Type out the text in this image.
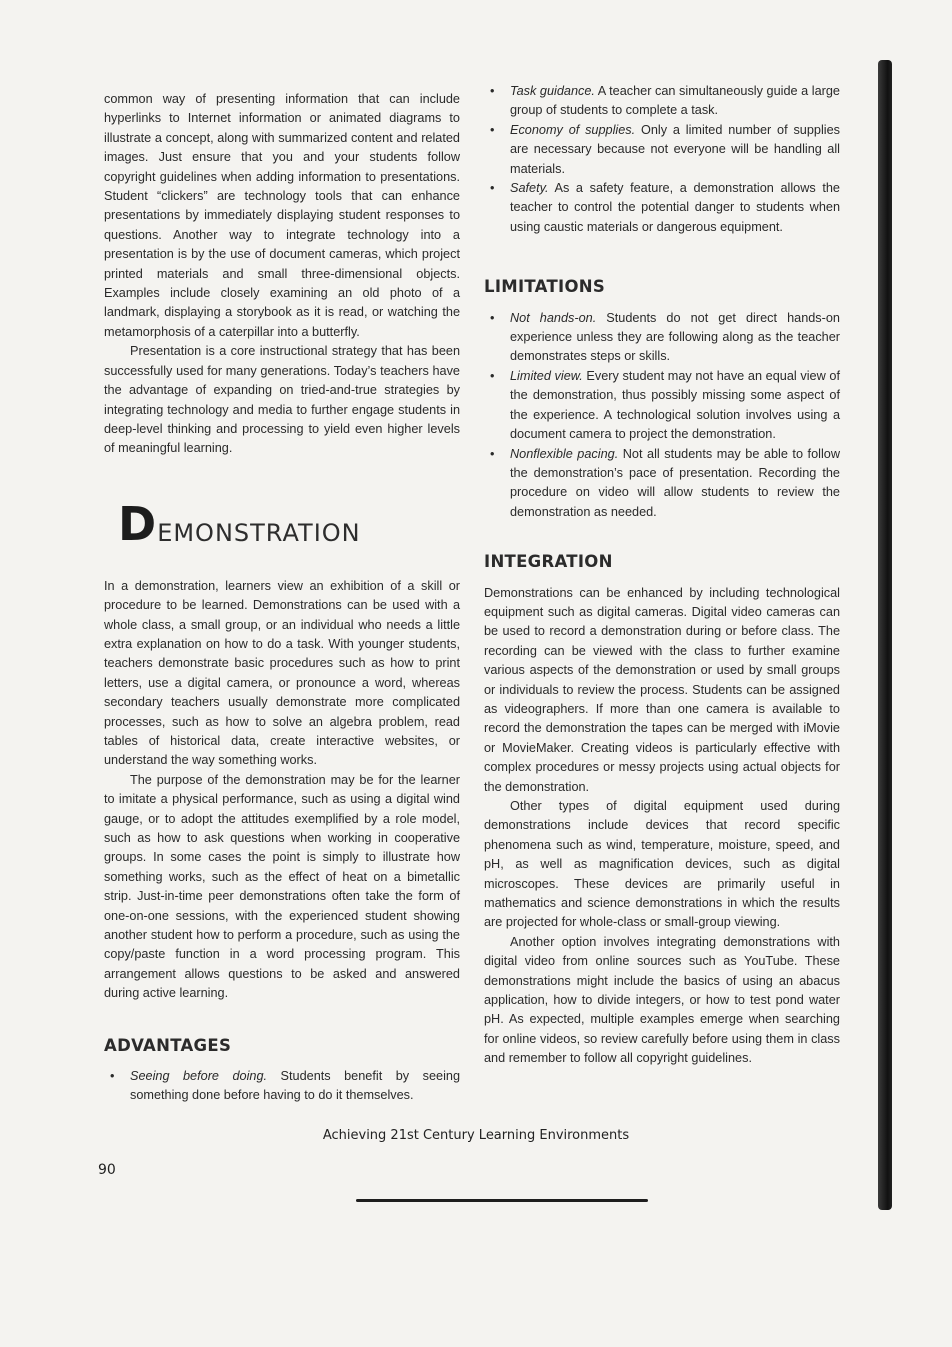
common way of presenting information that can include hyperlinks to Internet information or animated diagrams to illustrate a concept, along with summarized content and related images. Just ensure that you and your students follow copyright guidelines when adding information to presentations. Student “clickers” are technology tools that can enhance presentations by immediately displaying student responses to questions. Another way to integrate technology into a presentation is by the use of document cameras, which project printed materials and small three-dimensional objects. Examples include closely examining an old photo of a landmark, displaying a storybook as it is read, or watching the metamorphosis of a caterpillar into a butterfly.

Presentation is a core instructional strategy that has been successfully used for many generations. Today’s teachers have the advantage of expanding on tried-and-true strategies by integrating technology and media to further engage students in deep-level thinking and processing to yield even higher levels of meaningful learning.

D EMONSTRATION

In a demonstration, learners view an exhibition of a skill or procedure to be learned. Demonstrations can be used with a whole class, a small group, or an individual who needs a little extra explanation on how to do a task. With younger students, teachers demonstrate basic procedures such as how to print letters, use a digital camera, or pronounce a word, whereas secondary teachers usually demonstrate more complicated processes, such as how to solve an algebra problem, read tables of historical data, create interactive websites, or understand the way something works.

The purpose of the demonstration may be for the learner to imitate a physical performance, such as using a digital wind gauge, or to adopt the attitudes exemplified by a role model, such as how to ask questions when working in cooperative groups. In some cases the point is simply to illustrate how something works, such as the effect of heat on a bimetallic strip. Just-in-time peer demonstrations often take the form of one-on-one sessions, with the experienced student showing another student how to perform a procedure, such as using the copy/paste function in a word processing program. This arrangement allows questions to be asked and answered during active learning.

ADVANTAGES
• Seeing before doing. Students benefit by seeing something done before having to do it themselves.
• Task guidance. A teacher can simultaneously guide a large group of students to complete a task.
• Economy of supplies. Only a limited number of supplies are necessary because not everyone will be handling all materials.
• Safety. As a safety feature, a demonstration allows the teacher to control the potential danger to students when using caustic materials or dangerous equipment.
LIMITATIONS
• Not hands-on. Students do not get direct hands-on experience unless they are following along as the teacher demonstrates steps or skills.
• Limited view. Every student may not have an equal view of the demonstration, thus possibly missing some aspect of the experience. A technological solution involves using a document camera to project the demonstration.
• Nonflexible pacing. Not all students may be able to follow the demonstration’s pace of presentation. Recording the procedure on video will allow students to review the demonstration as needed.
INTEGRATION

Demonstrations can be enhanced by including technological equipment such as digital cameras. Digital video cameras can be used to record a demonstration during or before class. The recording can be viewed with the class to further examine various aspects of the demonstration or used by small groups or individuals to review the process. Students can be assigned as videographers. If more than one camera is available to record the demonstration the tapes can be merged with iMovie or MovieMaker. Creating videos is particularly effective with complex procedures or messy projects using actual objects for the demonstration.

Other types of digital equipment used during demonstrations include devices that record specific phenomena such as wind, temperature, moisture, speed, and pH, as well as magnification devices, such as digital microscopes. These devices are primarily useful in mathematics and science demonstrations in which the results are projected for whole-class or small-group viewing.

Another option involves integrating demonstrations with digital video from online sources such as YouTube. These demonstrations might include the basics of using an abacus application, how to divide integers, or how to test pond water pH. As expected, multiple examples emerge when searching for online videos, so review carefully before using them in class and remember to follow all copyright guidelines.

Achieving 21st Century Learning Environments
90
